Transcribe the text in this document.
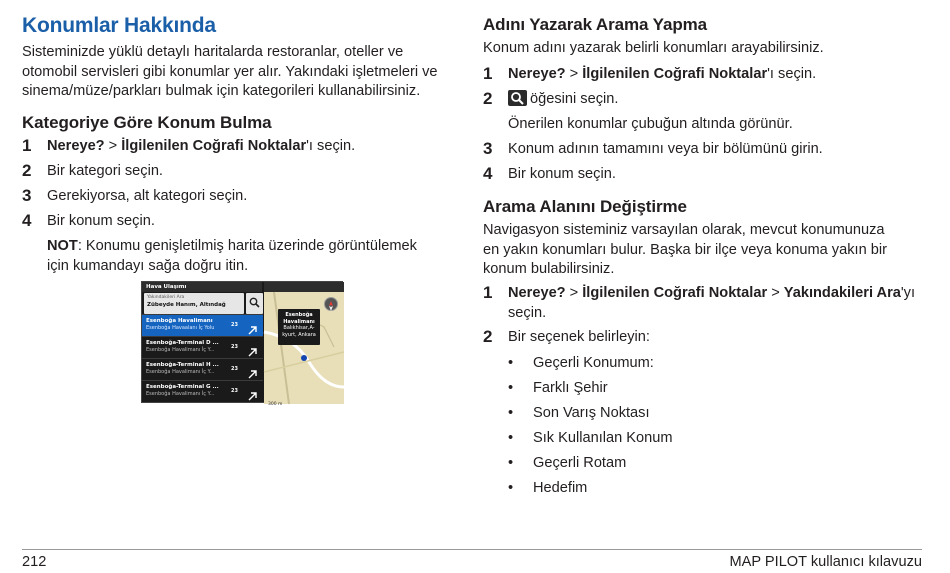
Konumlar Hakkında
Sisteminizde yüklü detaylı haritalarda restoranlar, oteller ve otomobil servisleri gibi konumlar yer alır. Yakındaki işletmeleri ve sinema/müze/parkları bulmak için kategorileri kullanabilirsiniz.
Kategoriye Göre Konum Bulma
1 Nereye? > İlgilenilen Coğrafi Noktalar'ı seçin.
2 Bir kategori seçin.
3 Gerekiyorsa, alt kategori seçin.
4 Bir konum seçin.
NOT: Konumu genişletilmiş harita üzerinde görüntülemek için kumandayı sağa doğru itin.
Hava Ulaşımı
Yakındakileri Ara
Zübeyde Hanım, Altındağ
Esenboğa Havalimanı
Esenboğa Havaalanı İç Yolu	23
Esenboğa-Terminal D ...
Esenboğa Havalimanı İç Y...	23
Esenboğa-Terminal H ...
Esenboğa Havalimanı İç Y...	23
Esenboğa-Terminal G ...
Esenboğa Havalimanı İç Y...	23
Esenboğa Havalimanı
Balıkhisar,A-kyurt, Ankara
300 m
Adını Yazarak Arama Yapma
Konum adını yazarak belirli konumları arayabilirsiniz.
1 Nereye? > İlgilenilen Coğrafi Noktalar'ı seçin.
2	öğesini seçin.
Önerilen konumlar çubuğun altında görünür.
3 Konum adının tamamını veya bir bölümünü girin.
4 Bir konum seçin.
Arama Alanını Değiştirme
Navigasyon sisteminiz varsayılan olarak, mevcut konumunuza en yakın konumları bulur. Başka bir ilçe veya konuma yakın bir konum bulabilirsiniz.
1 Nereye? > İlgilenilen Coğrafi Noktalar > Yakındakileri Ara'yı seçin.
2 Bir seçenek belirleyin:
• Geçerli Konumum:
• Farklı Şehir
• Son Varış Noktası
• Sık Kullanılan Konum
• Geçerli Rotam
• Hedefim
212	MAP PILOT kullanıcı kılavuzu
